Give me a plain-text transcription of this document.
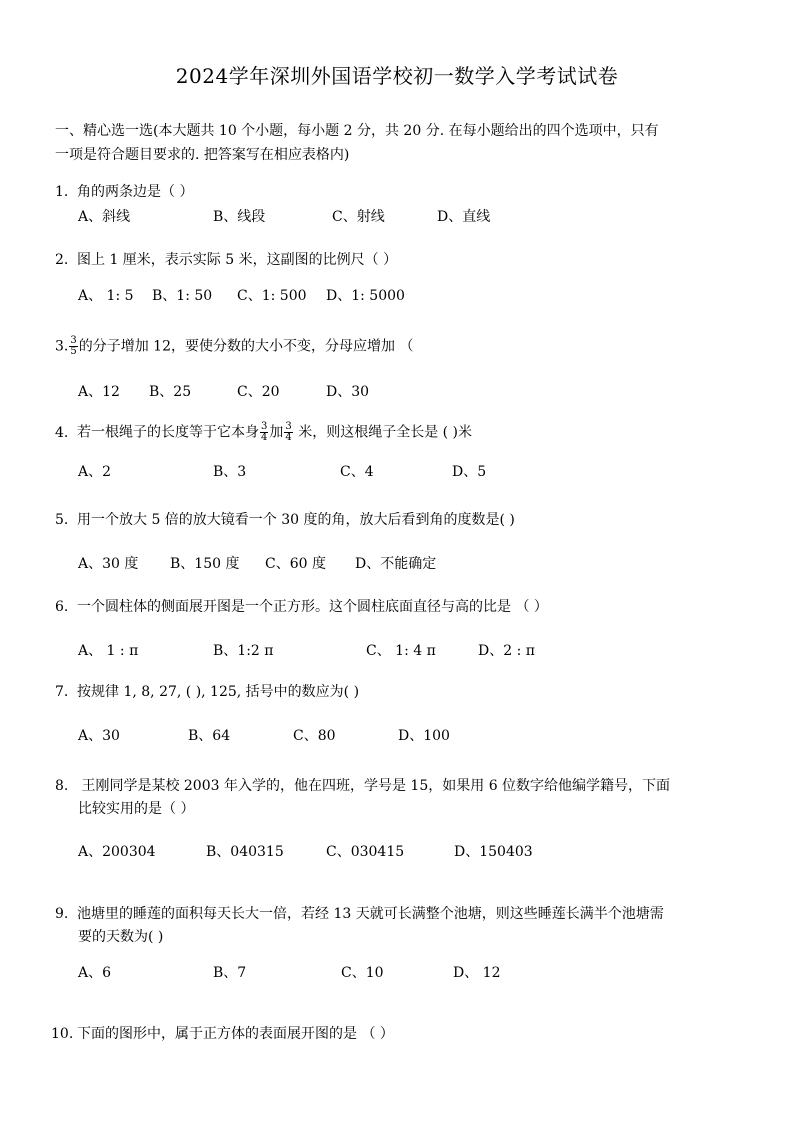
2024学年深圳外国语学校初一数学入学考试试卷
一、精心选一选(本大题共 10 个小题，每小题 2 分，共 20 分. 在每小题给出的四个选项中，只有
一项是符合题目要求的. 把答案写在相应表格内)
1. 角的两条边是（ ）
A、斜线	B、线段	C、射线	D、直线
2. 图上 1 厘米，表示实际 5 米，这副图的比例尺（ ）
A、 1: 5 B、1: 50 C、1: 500 D、1: 5000
3. $\frac{3}{5}$ 的分子增加 12，要使分数的大小不变，分母应增加 （
A、12 B、25	C、20	D、30
4. 若一根绳子的长度等于它本身 $\frac{3}{4}$ 加 $\frac{3}{4}$ 米，则这根绳子全长是 ( )米
A、2	B、3	C、4	D、5
5. 用一个放大 5 倍的放大镜看一个 30 度的角，放大后看到角的度数是( )
A、30 度 B、150 度 C、60 度 D、不能确定
6. 一个圆柱体的侧面展开图是一个正方形。这个圆柱底面直径与高的比是 （ ）
A、 1 : π	B、1:2 π	C、 1: 4 π	D、2 : π
7. 按规律 1, 8, 27, ( ), 125, 括号中的数应为( )
A、30	B、64	C、80	D、100
8. 王刚同学是某校 2003 年入学的，他在四班，学号是 15，如果用 6 位数字给他编学籍号，下面
比较实用的是（ ）
A、200304	B、040315	C、030415	D、150403
9. 池塘里的睡莲的面积每天长大一倍，若经 13 天就可长满整个池塘，则这些睡莲长满半个池塘需
要的天数为( )
A、6	B、7	C、10	D、 12
10. 下面的图形中，属于正方体的表面展开图的是 （ ）
